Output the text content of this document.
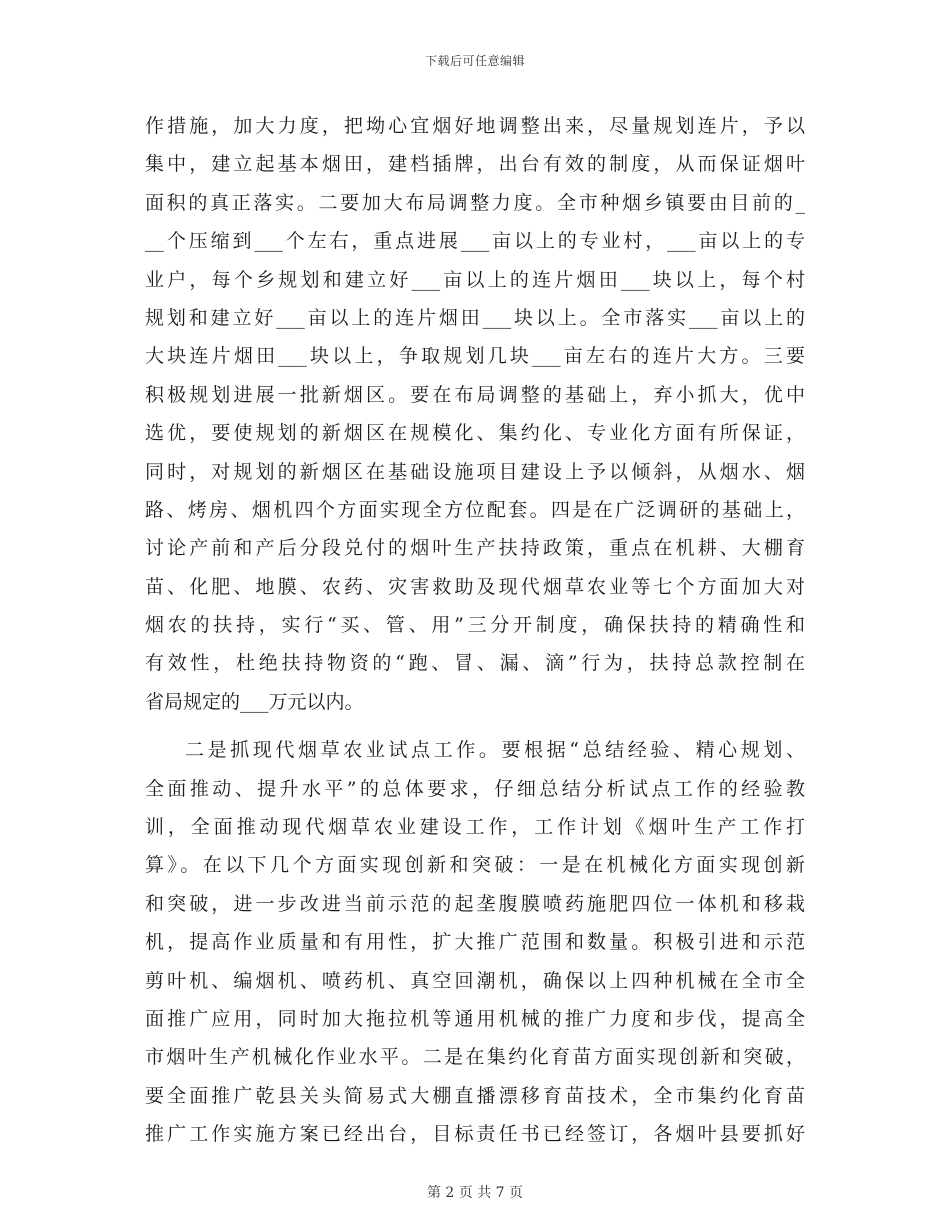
下载后可任意编辑
作措施，加大力度，把坳心宜烟好地调整出来，尽量规划连片，予以
集中，建立起基本烟田，建档插牌，出台有效的制度，从而保证烟叶
面积的真正落实。二要加大布局调整力度。全市种烟乡镇要由目前的_
__个压缩到___个左右，重点进展___亩以上的专业村，___亩以上的专
业户，每个乡规划和建立好___亩以上的连片烟田___块以上，每个村
规划和建立好___亩以上的连片烟田___块以上。全市落实___亩以上的
大块连片烟田___块以上，争取规划几块___亩左右的连片大方。三要
积极规划进展一批新烟区。要在布局调整的基础上，弃小抓大，优中
选优，要使规划的新烟区在规模化、集约化、专业化方面有所保证，
同时，对规划的新烟区在基础设施项目建设上予以倾斜，从烟水、烟
路、烤房、烟机四个方面实现全方位配套。四是在广泛调研的基础上，
讨论产前和产后分段兑付的烟叶生产扶持政策，重点在机耕、大棚育
苗、化肥、地膜、农药、灾害救助及现代烟草农业等七个方面加大对
烟农的扶持，实行“买、管、用”三分开制度，确保扶持的精确性和
有效性，杜绝扶持物资的“跑、冒、漏、滴”行为，扶持总款控制在
省局规定的___万元以内。
二是抓现代烟草农业试点工作。要根据“总结经验、精心规划、
全面推动、提升水平”的总体要求，仔细总结分析试点工作的经验教
训，全面推动现代烟草农业建设工作，工作计划《烟叶生产工作打
算》。在以下几个方面实现创新和突破：一是在机械化方面实现创新
和突破，进一步改进当前示范的起垄腹膜喷药施肥四位一体机和移栽
机，提高作业质量和有用性，扩大推广范围和数量。积极引进和示范
剪叶机、编烟机、喷药机、真空回潮机，确保以上四种机械在全市全
面推广应用，同时加大拖拉机等通用机械的推广力度和步伐，提高全
市烟叶生产机械化作业水平。二是在集约化育苗方面实现创新和突破，
要全面推广乾县关头简易式大棚直播漂移育苗技术，全市集约化育苗
推广工作实施方案已经出台，目标责任书已经签订，各烟叶县要抓好
第 2 页 共 7 页
